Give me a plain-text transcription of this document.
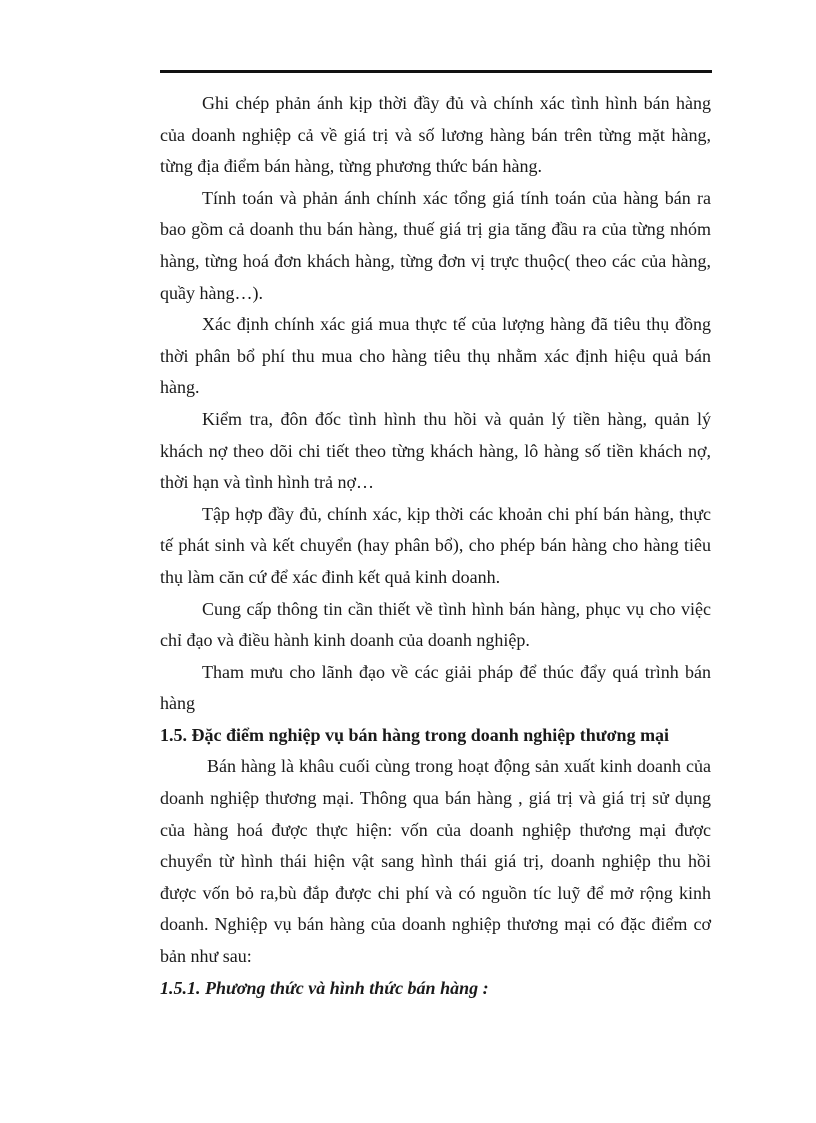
Ghi chép phản ánh kịp thời đầy đủ và chính xác tình hình bán hàng của doanh nghiệp cả về giá trị và số lương hàng bán trên từng mặt hàng, từng địa điểm bán hàng, từng phương thức bán hàng.

Tính toán và phản ánh chính xác tổng giá tính toán của hàng bán ra bao gồm cả doanh thu bán hàng, thuế giá trị gia tăng đầu ra của từng nhóm hàng, từng hoá đơn khách hàng, từng đơn vị trực thuộc( theo các của hàng, quầy hàng…).

Xác định chính xác giá mua thực tế của lượng hàng đã tiêu thụ đồng thời phân bổ phí thu mua cho hàng tiêu thụ nhằm xác định hiệu quả bán hàng.

Kiểm tra, đôn đốc tình hình thu hồi và quản lý tiền hàng, quản lý khách nợ theo dõi chi tiết theo từng khách hàng, lô hàng số tiền khách nợ, thời hạn và tình hình trả nợ…

Tập hợp đầy đủ, chính xác, kịp thời các khoản chi phí bán hàng, thực tế phát sinh và kết chuyển (hay phân bổ), cho phép bán hàng cho hàng tiêu thụ làm căn cứ để xác đinh kết quả kinh doanh.

Cung cấp thông tin cần thiết về tình hình bán hàng, phục vụ cho việc chỉ đạo và điều hành kinh doanh của doanh nghiệp.

Tham mưu cho lãnh đạo về các giải pháp để thúc đẩy quá trình bán hàng

1.5. Đặc điểm nghiệp vụ bán hàng trong doanh nghiệp thương mại

Bán hàng là khâu cuối cùng trong hoạt động sản xuất kinh doanh của doanh nghiệp thương mại. Thông qua bán hàng , giá trị và giá trị sử dụng của hàng hoá được thực hiện: vốn của doanh nghiệp thương mại được chuyển từ hình thái hiện vật sang hình thái giá trị, doanh nghiệp thu hồi được vốn bỏ ra,bù đắp được chi phí và có nguồn tíc luỹ để mở rộng kinh doanh. Nghiệp vụ bán hàng của doanh nghiệp thương mại có đặc điểm cơ bản như sau:

1.5.1. Phương thức và hình thức bán hàng :
